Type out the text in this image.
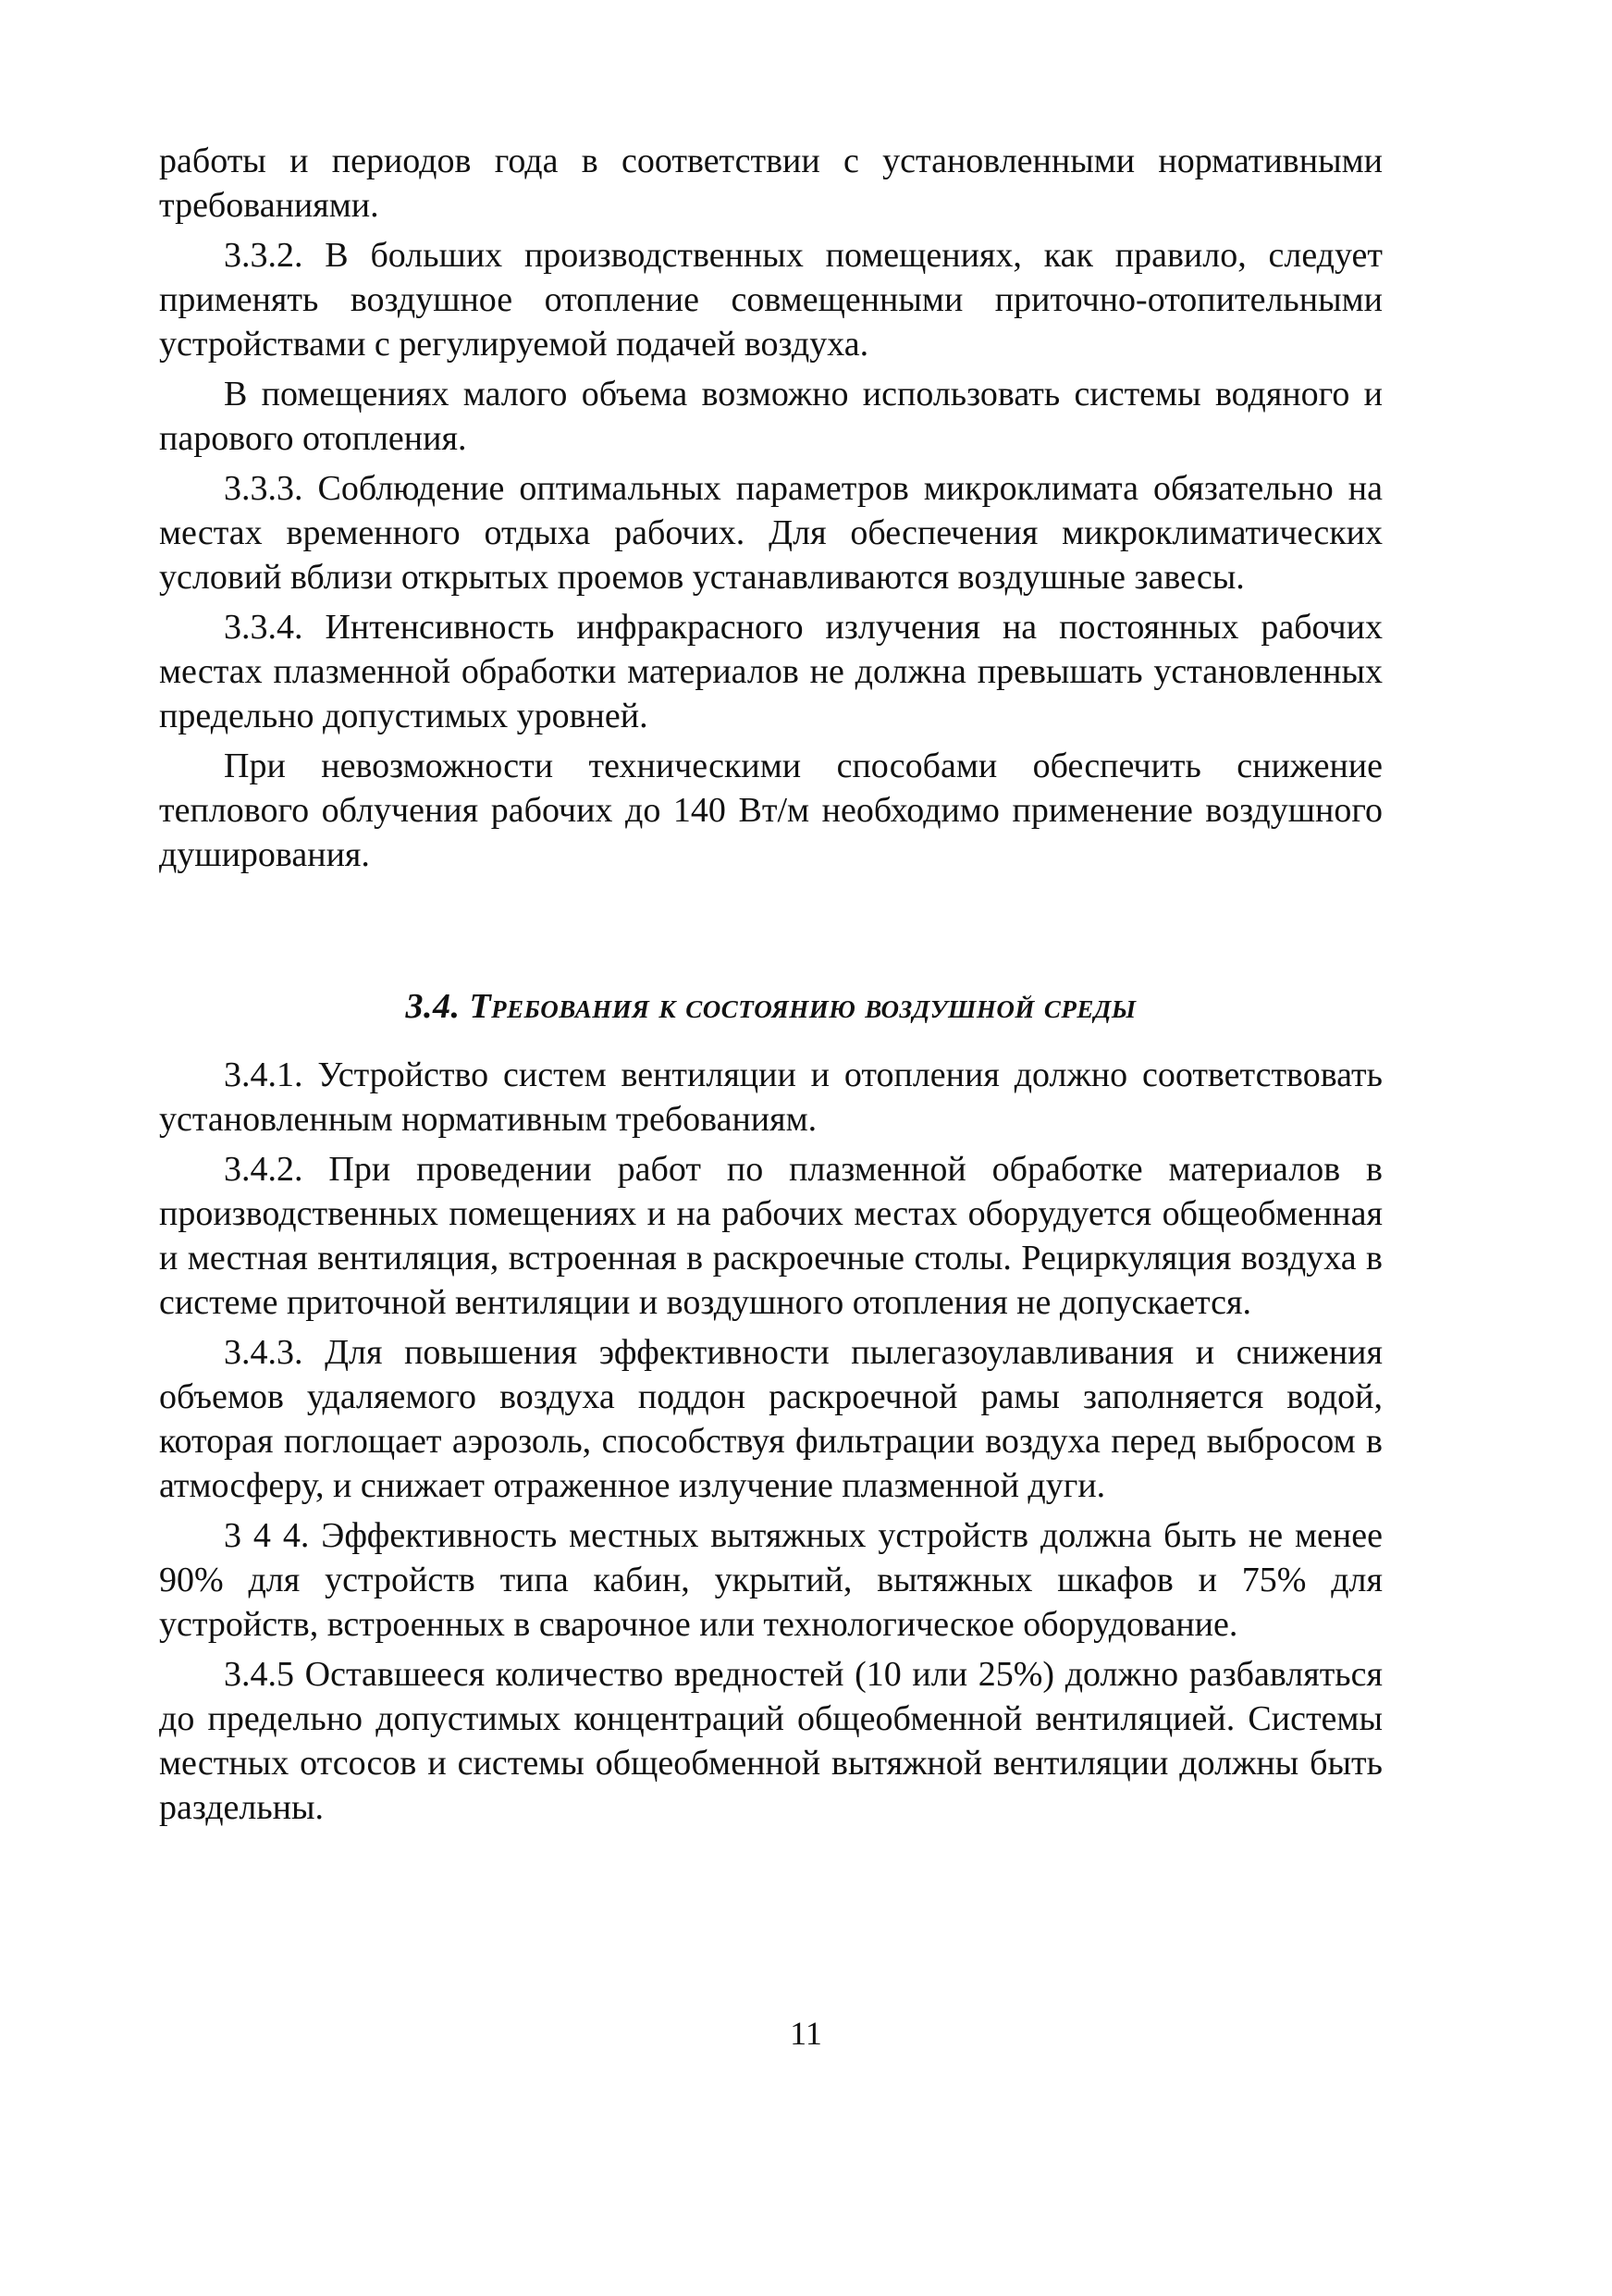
работы и периодов года в соответствии с установленными нормативными требованиями.

3.3.2. В больших производственных помещениях, как правило, следует применять воздушное отопление совмещенными приточно-отопительными устройствами с регулируемой подачей воздуха.

В помещениях малого объема возможно использовать системы водяного и парового отопления.

3.3.3. Соблюдение оптимальных параметров микроклимата обязательно на местах временного отдыха рабочих. Для обеспечения микроклиматических условий вблизи открытых проемов устанавливаются воздушные завесы.

3.3.4. Интенсивность инфракрасного излучения на постоянных рабочих местах плазменной обработки материалов не должна превышать установленных предельно допустимых уровней.

При невозможности техническими способами обеспечить снижение теплового облучения рабочих до 140 Вт/м необходимо применение воздушного душирования.

3.4. Требования к состоянию воздушной среды

3.4.1. Устройство систем вентиляции и отопления должно соответствовать установленным нормативным требованиям.

3.4.2. При проведении работ по плазменной обработке материалов в производственных помещениях и на рабочих местах оборудуется общеобменная и местная вентиляция, встроенная в раскроечные столы. Рециркуляция воздуха в системе приточной вентиляции и воздушного отопления не допускается.

3.4.3. Для повышения эффективности пылегазоулавливания и снижения объемов удаляемого воздуха поддон раскроечной рамы заполняется водой, которая поглощает аэрозоль, способствуя фильтрации воздуха перед выбросом в атмосферу, и снижает отраженное излучение плазменной дуги.

3 4 4. Эффективность местных вытяжных устройств должна быть не менее 90% для устройств типа кабин, укрытий, вытяжных шкафов и 75% для устройств, встроенных в сварочное или технологическое оборудование.

3.4.5 Оставшееся количество вредностей (10 или 25%) должно разбавляться до предельно допустимых концентраций общеобменной вентиляцией. Системы местных отсосов и системы общеобменной вытяжной вентиляции должны быть раздельны.

11
